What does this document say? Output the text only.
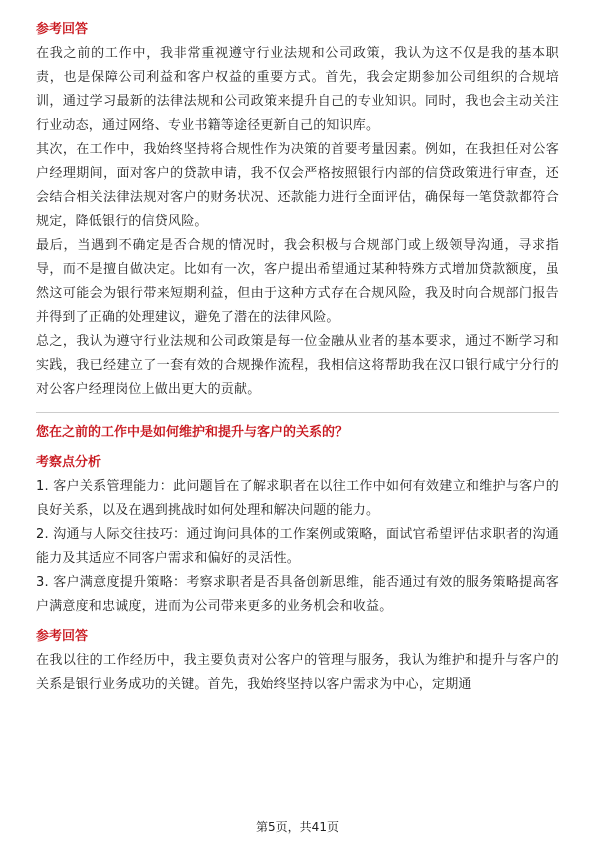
参考回答

在我之前的工作中，我非常重视遵守行业法规和公司政策，我认为这不仅是我的基本职责，也是保障公司利益和客户权益的重要方式。首先，我会定期参加公司组织的合规培训，通过学习最新的法律法规和公司政策来提升自己的专业知识。同时，我也会主动关注行业动态，通过网络、专业书籍等途径更新自己的知识库。

其次，在工作中，我始终坚持将合规性作为决策的首要考量因素。例如，在我担任对公客户经理期间，面对客户的贷款申请，我不仅会严格按照银行内部的信贷政策进行审查，还会结合相关法律法规对客户的财务状况、还款能力进行全面评估，确保每一笔贷款都符合规定，降低银行的信贷风险。

最后，当遇到不确定是否合规的情况时，我会积极与合规部门或上级领导沟通，寻求指导，而不是擅自做决定。比如有一次，客户提出希望通过某种特殊方式增加贷款额度，虽然这可能会为银行带来短期利益，但由于这种方式存在合规风险，我及时向合规部门报告并得到了正确的处理建议，避免了潜在的法律风险。

总之，我认为遵守行业法规和公司政策是每一位金融从业者的基本要求，通过不断学习和实践，我已经建立了一套有效的合规操作流程，我相信这将帮助我在汉口银行咸宁分行的对公客户经理岗位上做出更大的贡献。

您在之前的工作中是如何维护和提升与客户的关系的？

考察点分析

1. 客户关系管理能力：此问题旨在了解求职者在以往工作中如何有效建立和维护与客户的良好关系，以及在遇到挑战时如何处理和解决问题的能力。

2. 沟通与人际交往技巧：通过询问具体的工作案例或策略，面试官希望评估求职者的沟通能力及其适应不同客户需求和偏好的灵活性。

3. 客户满意度提升策略：考察求职者是否具备创新思维，能否通过有效的服务策略提高客户满意度和忠诚度，进而为公司带来更多的业务机会和收益。

参考回答

在我以往的工作经历中，我主要负责对公客户的管理与服务，我认为维护和提升与客户的关系是银行业务成功的关键。首先，我始终坚持以客户需求为中心，定期通

第5页，共41页
